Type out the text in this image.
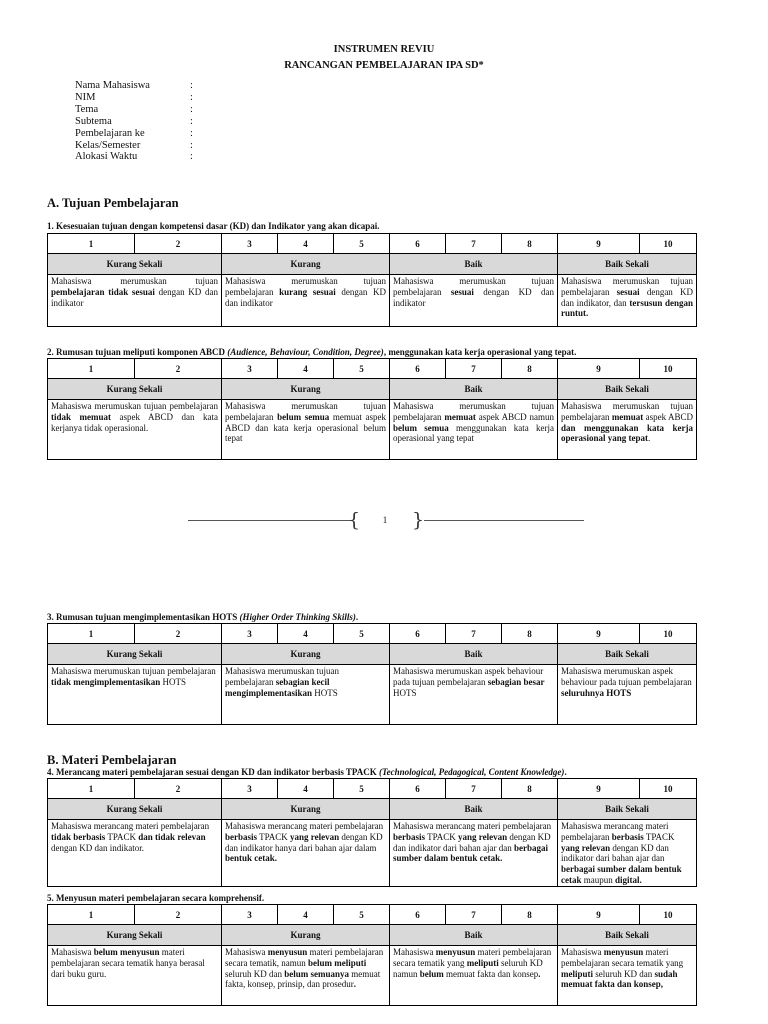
INSTRUMEN REVIU
RANCANGAN PEMBELAJARAN IPA SD*
Nama Mahasiswa	:
NIM	:
Tema	:
Subtema	:
Pembelajaran ke	:
Kelas/Semester	:
Alokasi Waktu	:
A. Tujuan Pembelajaran
1. Kesesuaian tujuan dengan kompetensi dasar (KD) dan Indikator yang akan dicapai.
1	2	3	4	5	6	7	8	9	10
Kurang Sekali		Kurang			Baik			Baik Sekali	
Mahasiswa merumuskan tujuan pembelajaran tidak sesuai dengan KD dan indikator		Mahasiswa merumuskan tujuan pembelajaran kurang sesuai dengan KD dan indikator			Mahasiswa merumuskan tujuan pembelajaran sesuai dengan KD dan indikator			Mahasiswa merumuskan tujuan pembelajaran sesuai dengan KD dan indikator, dan tersusun dengan runtut.	
2. Rumusan tujuan meliputi komponen ABCD (Audience, Behaviour, Condition, Degree), menggunakan kata kerja operasional yang tepat.
1	2	3	4	5	6	7	8	9	10
Kurang Sekali		Kurang			Baik			Baik Sekali	
Mahasiswa merumuskan tujuan pembelajaran tidak memuat aspek ABCD dan kata kerjanya tidak operasional.		Mahasiswa merumuskan tujuan pembelajaran belum semua memuat aspek ABCD dan kata kerja operasional belum tepat			Mahasiswa merumuskan tujuan pembelajaran memuat aspek ABCD namun belum semua menggunakan kata kerja operasional yang tepat			Mahasiswa merumuskan tujuan pembelajaran memuat aspek ABCD dan menggunakan kata kerja operasional yang tepat.	
{	1 }
3. Rumusan tujuan mengimplementasikan HOTS (Higher Order Thinking Skills).
1	2	3	4	5	6	7	8	9	10
Kurang Sekali		Kurang			Baik			Baik Sekali	
Mahasiswa merumuskan tujuan pembelajaran tidak mengimplementasikan HOTS		Mahasiswa merumuskan tujuan pembelajaran sebagian kecil mengimplementasikan HOTS			Mahasiswa merumuskan aspek behaviour pada tujuan pembelajaran sebagian besar HOTS			Mahasiswa merumuskan aspek behaviour pada tujuan pembelajaran seluruhnya HOTS	
B. Materi Pembelajaran
4. Merancang materi pembelajaran sesuai dengan KD dan indikator berbasis TPACK (Technological, Pedagogical, Content Knowledge).
1	2	3	4	5	6	7	8	9	10
Kurang Sekali		Kurang			Baik			Baik Sekali	
Mahasiswa merancang materi pembelajaran tidak berbasis TPACK dan tidak relevan dengan KD dan indikator.		Mahasiswa merancang materi pembelajaran berbasis TPACK yang relevan dengan KD dan indikator hanya dari bahan ajar dalam bentuk cetak.			Mahasiswa merancang materi pembelajaran berbasis TPACK yang relevan dengan KD dan indikator dari bahan ajar dan berbagai sumber dalam bentuk cetak.			Mahasiswa merancang materi pembelajaran berbasis TPACK yang relevan dengan KD dan indikator dari bahan ajar dan berbagai sumber dalam bentuk cetak maupun digital.	
5. Menyusun materi pembelajaran secara komprehensif.
1	2	3	4	5	6	7	8	9	10
Kurang Sekali		Kurang			Baik			Baik Sekali	
Mahasiswa belum menyusun materi pembelajaran secara tematik hanya berasal dari buku guru.		Mahasiswa menyusun materi pembelajaran secara tematik, namun belum meliputi seluruh KD dan belum semuanya memuat fakta, konsep, prinsip, dan prosedur.			Mahasiswa menyusun materi pembelajaran secara tematik yang meliputi seluruh KD namun belum memuat fakta dan konsep.			Mahasiswa menyusun materi pembelajaran secara tematik yang meliputi seluruh KD dan sudah memuat fakta dan konsep,	
